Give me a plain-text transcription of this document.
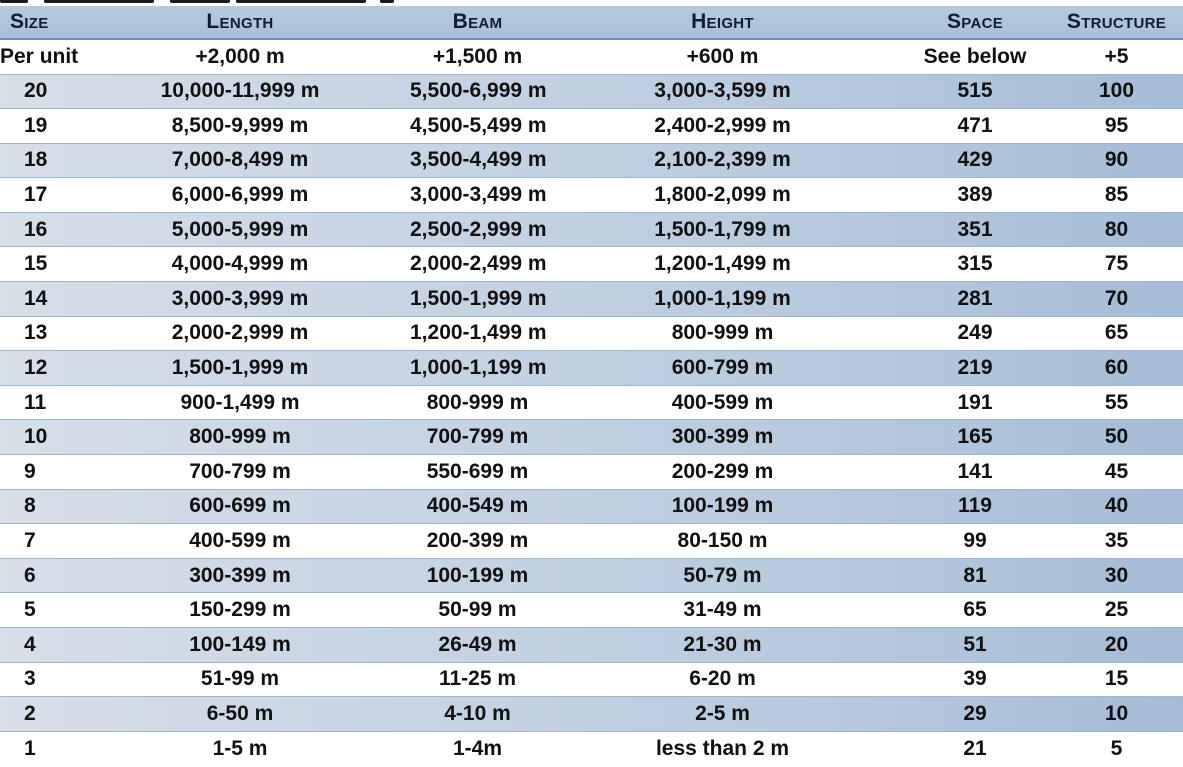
Size	Length	Beam	Height	Space	Structure
Per unit	+2,000 m	+1,500 m	+600 m	See below	+5
20	10,000-11,999 m	5,500-6,999 m	3,000-3,599 m	515	100
19	8,500-9,999 m	4,500-5,499 m	2,400-2,999 m	471	95
18	7,000-8,499 m	3,500-4,499 m	2,100-2,399 m	429	90
17	6,000-6,999 m	3,000-3,499 m	1,800-2,099 m	389	85
16	5,000-5,999 m	2,500-2,999 m	1,500-1,799 m	351	80
15	4,000-4,999 m	2,000-2,499 m	1,200-1,499 m	315	75
14	3,000-3,999 m	1,500-1,999 m	1,000-1,199 m	281	70
13	2,000-2,999 m	1,200-1,499 m	800-999 m	249	65
12	1,500-1,999 m	1,000-1,199 m	600-799 m	219	60
11	900-1,499 m	800-999 m	400-599 m	191	55
10	800-999 m	700-799 m	300-399 m	165	50
9	700-799 m	550-699 m	200-299 m	141	45
8	600-699 m	400-549 m	100-199 m	119	40
7	400-599 m	200-399 m	80-150 m	99	35
6	300-399 m	100-199 m	50-79 m	81	30
5	150-299 m	50-99 m	31-49 m	65	25
4	100-149 m	26-49 m	21-30 m	51	20
3	51-99 m	11-25 m	6-20 m	39	15
2	6-50 m	4-10 m	2-5 m	29	10
1	1-5 m	1-4m	less than 2 m	21	5
